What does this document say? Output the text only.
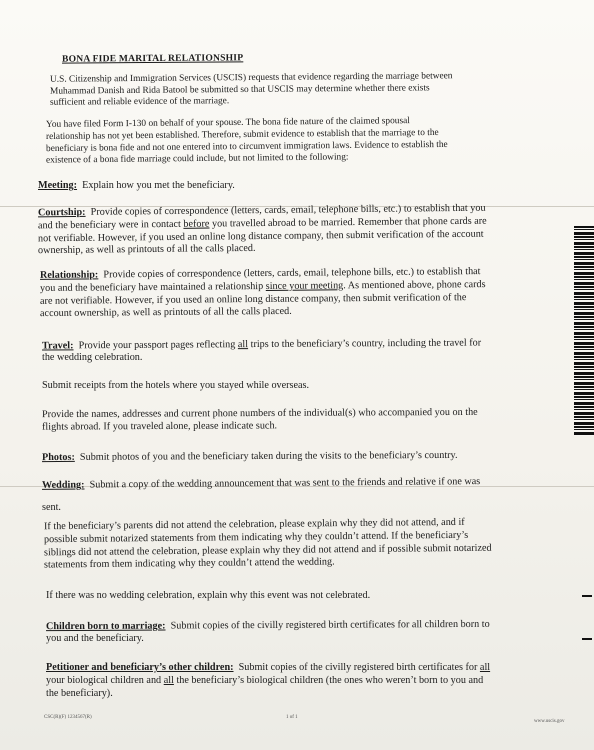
BONA FIDE MARITAL RELATIONSHIP
U.S. Citizenship and Immigration Services (USCIS) requests that evidence regarding the marriage between
Muhammad Danish and Rida Batool be submitted so that USCIS may determine whether there exists
sufficient and reliable evidence of the marriage.
You have filed Form I-130 on behalf of your spouse. The bona fide nature of the claimed spousal
relationship has not yet been established. Therefore, submit evidence to establish that the marriage to the
beneficiary is bona fide and not one entered into to circumvent immigration laws. Evidence to establish the
existence of a bona fide marriage could include, but not limited to the following:
Meeting: Explain how you met the beneficiary.
Courtship: Provide copies of correspondence (letters, cards, email, telephone bills, etc.) to establish that you
and the beneficiary were in contact before you travelled abroad to be married. Remember that phone cards are
not verifiable. However, if you used an online long distance company, then submit verification of the account
ownership, as well as printouts of all the calls placed.
Relationship: Provide copies of correspondence (letters, cards, email, telephone bills, etc.) to establish that
you and the beneficiary have maintained a relationship since your meeting. As mentioned above, phone cards
are not verifiable. However, if you used an online long distance company, then submit verification of the
account ownership, as well as printouts of all the calls placed.
Travel: Provide your passport pages reflecting all trips to the beneficiary’s country, including the travel for
the wedding celebration.
Submit receipts from the hotels where you stayed while overseas.
Provide the names, addresses and current phone numbers of the individual(s) who accompanied you on the
flights abroad. If you traveled alone, please indicate such.
Photos: Submit photos of you and the beneficiary taken during the visits to the beneficiary’s country.
Wedding: Submit a copy of the wedding announcement that was sent to the friends and relative if one was
sent.
If the beneficiary’s parents did not attend the celebration, please explain why they did not attend, and if
possible submit notarized statements from them indicating why they couldn’t attend. If the beneficiary’s
siblings did not attend the celebration, please explain why they did not attend and if possible submit notarized
statements from them indicating why they couldn’t attend the wedding.
If there was no wedding celebration, explain why this event was not celebrated.
Children born to marriage: Submit copies of the civilly registered birth certificates for all children born to
you and the beneficiary.
Petitioner and beneficiary’s other children: Submit copies of the civilly registered birth certificates for all
your biological children and all the beneficiary’s biological children (the ones who weren’t born to you and
the beneficiary).
CSC(R)(F) 1234567(R)	1 of 1
www.uscis.gov
